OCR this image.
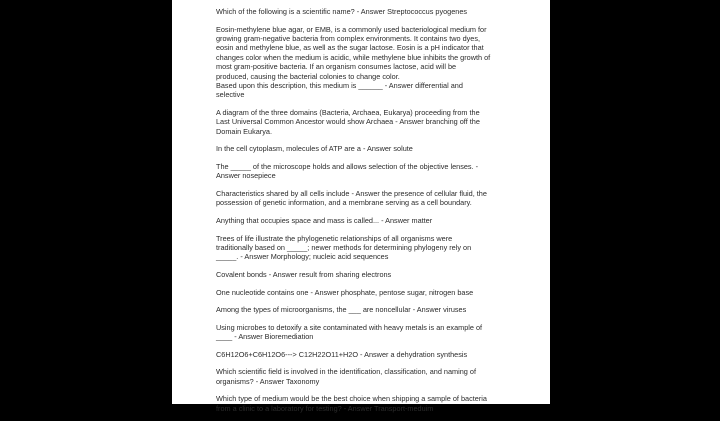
Which of the following is a scientific name? - Answer Streptococcus pyogenes
Eosin-methylene blue agar, or EMB, is a commonly used bacteriological medium for
growing gram-negative bacteria from complex environments. It contains two dyes,
eosin and methylene blue, as well as the sugar lactose. Eosin is a pH indicator that
changes color when the medium is acidic, while methylene blue inhibits the growth of
most gram-positive bacteria. If an organism consumes lactose, acid will be
produced, causing the bacterial colonies to change color.
Based upon this description, this medium is ______ - Answer differential and
selective
A diagram of the three domains (Bacteria, Archaea, Eukarya) proceeding from the
Last Universal Common Ancestor would show Archaea - Answer branching off the
Domain Eukarya.
In the cell cytoplasm, molecules of ATP are a - Answer solute
The _____ of the microscope holds and allows selection of the objective lenses. -
Answer nosepiece
Characteristics shared by all cells include - Answer the presence of cellular fluid, the
possession of genetic information, and a membrane serving as a cell boundary.
Anything that occupies space and mass is called... - Answer matter
Trees of life illustrate the phylogenetic relationships of all organisms were
traditionally based on _____; newer methods for determining phylogeny rely on
_____. - Answer Morphology; nucleic acid sequences
Covalent bonds - Answer result from sharing electrons
One nucleotide contains one - Answer phosphate, pentose sugar, nitrogen base
Among the types of microorganisms, the ___ are noncellular - Answer viruses
Using microbes to detoxify a site contaminated with heavy metals is an example of
____ - Answer Bioremediation
C6H12O6+C6H12O6---> C12H22O11+H2O - Answer a dehydration synthesis
Which scientific field is involved in the identification, classification, and naming of
organisms? - Answer Taxonomy
Which type of medium would be the best choice when shipping a sample of bacteria
from a clinic to a laboratory for testing? - Answer Transport-meduim
